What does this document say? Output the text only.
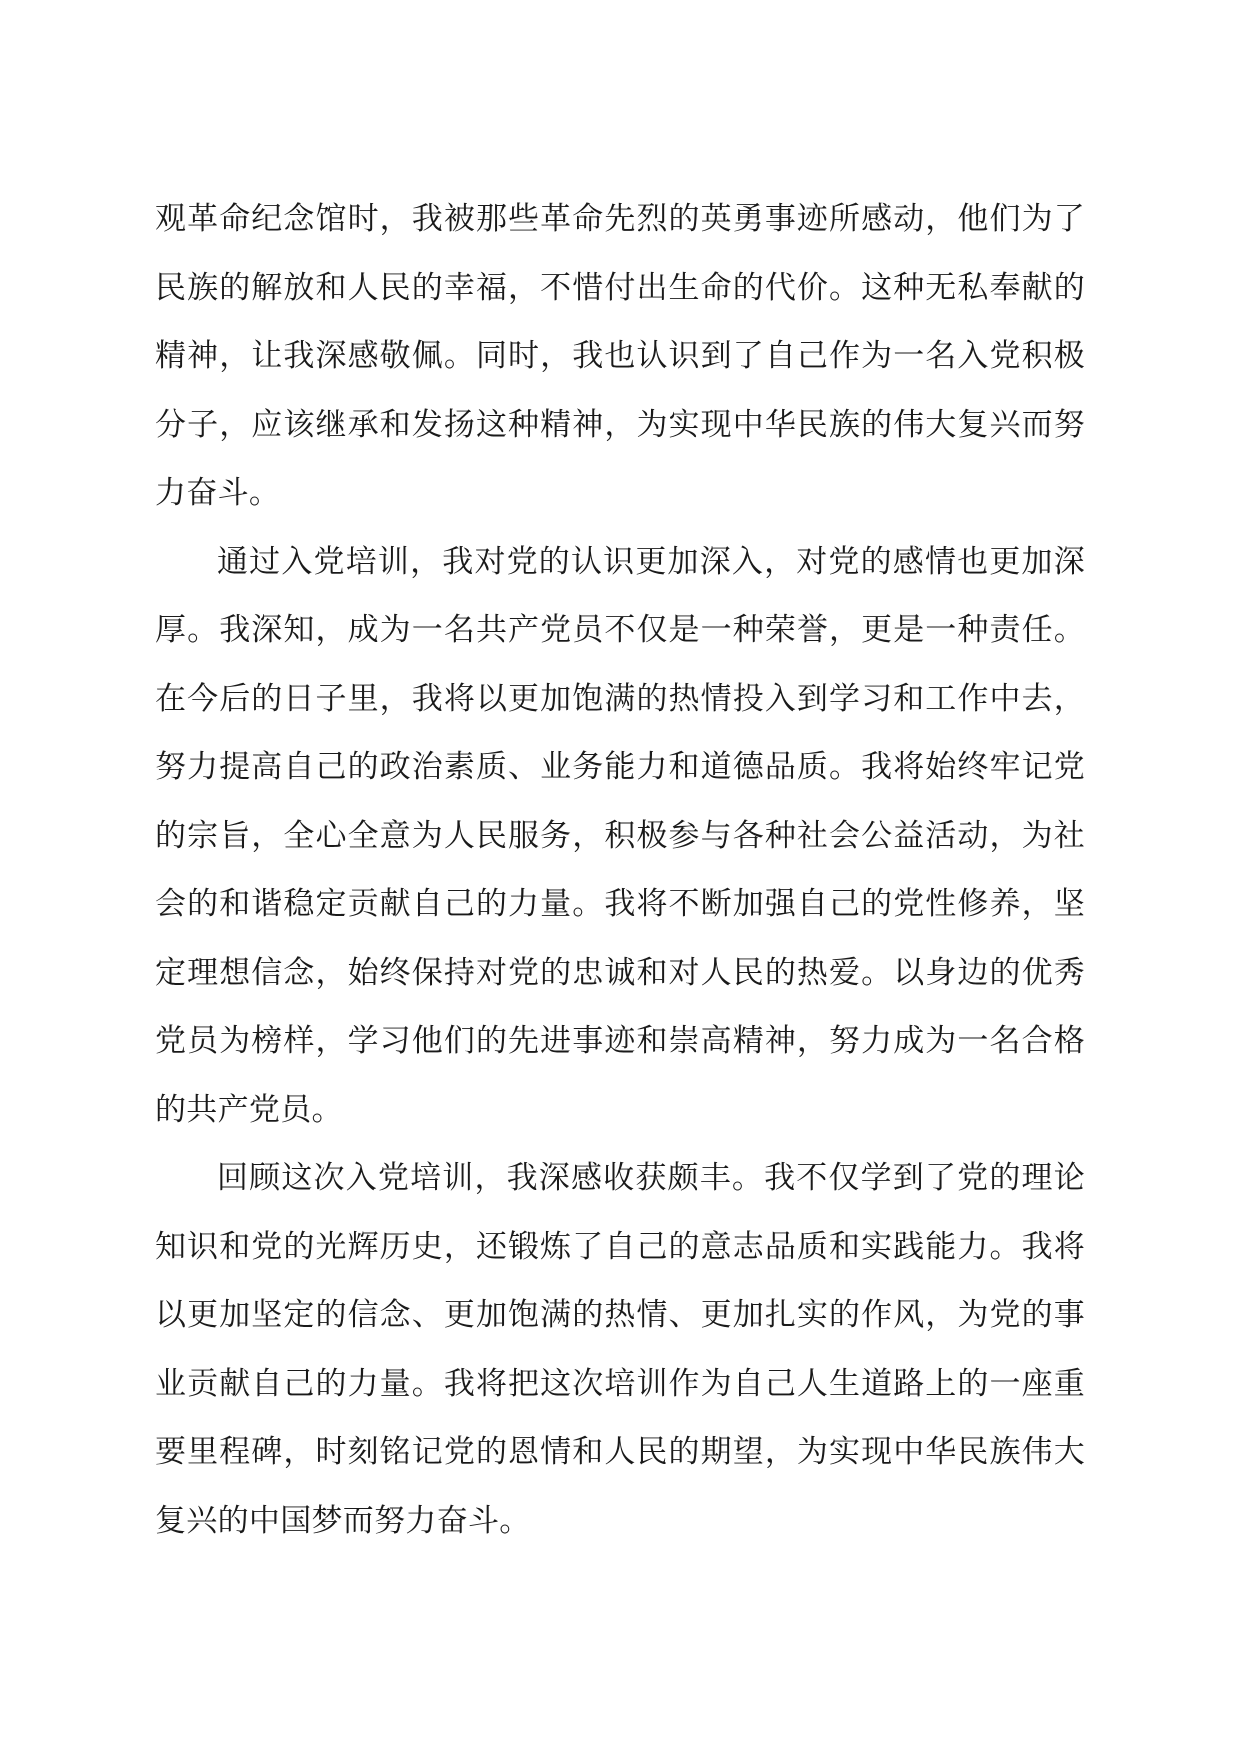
观革命纪念馆时，我被那些革命先烈的英勇事迹所感动，他们为了民族的解放和人民的幸福，不惜付出生命的代价。这种无私奉献的精神，让我深感敬佩。同时，我也认识到了自己作为一名入党积极分子，应该继承和发扬这种精神，为实现中华民族的伟大复兴而努力奋斗。

通过入党培训，我对党的认识更加深入，对党的感情也更加深厚。我深知，成为一名共产党员不仅是一种荣誉，更是一种责任。在今后的日子里，我将以更加饱满的热情投入到学习和工作中去，努力提高自己的政治素质、业务能力和道德品质。我将始终牢记党的宗旨，全心全意为人民服务，积极参与各种社会公益活动，为社会的和谐稳定贡献自己的力量。我将不断加强自己的党性修养，坚定理想信念，始终保持对党的忠诚和对人民的热爱。以身边的优秀党员为榜样，学习他们的先进事迹和崇高精神，努力成为一名合格的共产党员。

回顾这次入党培训，我深感收获颇丰。我不仅学到了党的理论知识和党的光辉历史，还锻炼了自己的意志品质和实践能力。我将以更加坚定的信念、更加饱满的热情、更加扎实的作风，为党的事业贡献自己的力量。我将把这次培训作为自己人生道路上的一座重要里程碑，时刻铭记党的恩情和人民的期望，为实现中华民族伟大复兴的中国梦而努力奋斗。
